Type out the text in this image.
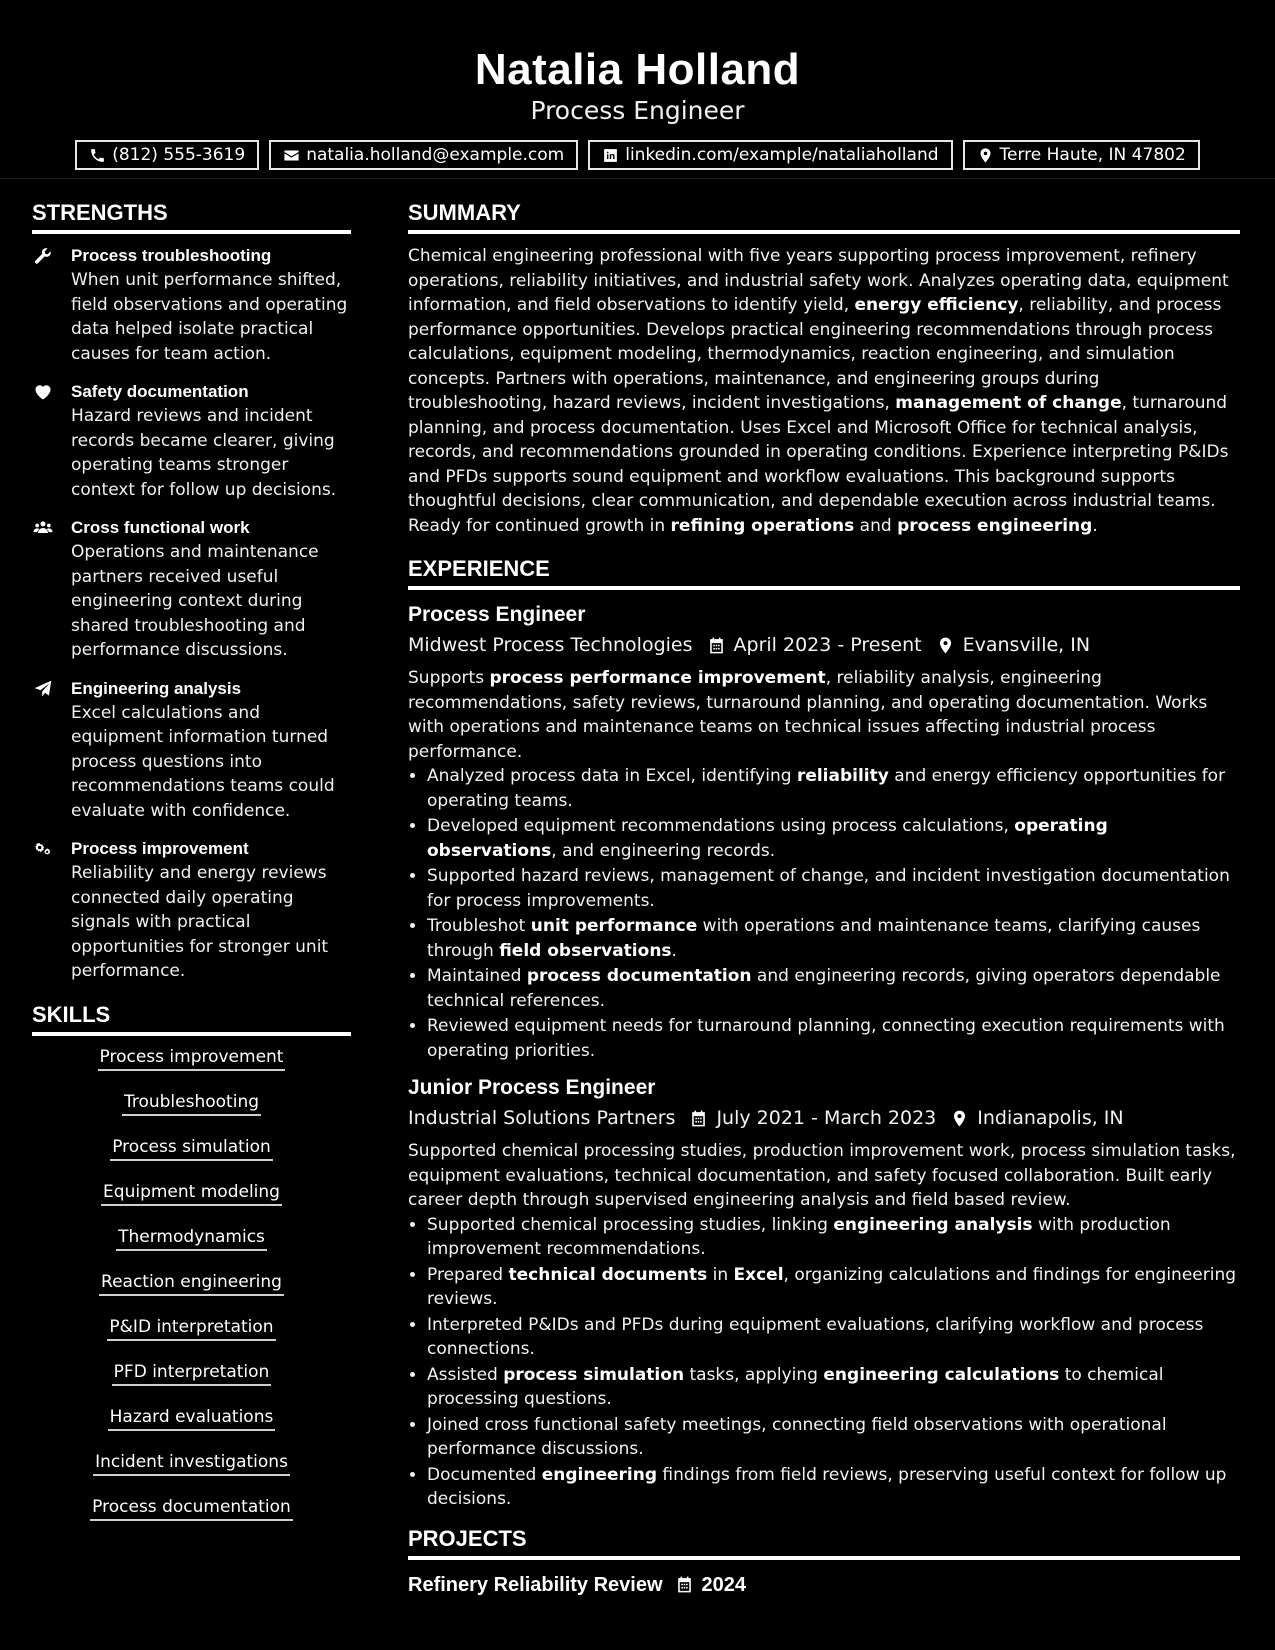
Natalia Holland
Process Engineer
(812) 555-3619	natalia.holland@example.com	linkedin.com/example/nataliaholland	Terre Haute, IN 47802
STRENGTHS
Process troubleshooting
When unit performance shifted, field observations and operating data helped isolate practical causes for team action.
Safety documentation
Hazard reviews and incident records became clearer, giving operating teams stronger context for follow up decisions.
Cross functional work
Operations and maintenance partners received useful engineering context during shared troubleshooting and performance discussions.
Engineering analysis
Excel calculations and equipment information turned process questions into recommendations teams could evaluate with confidence.
Process improvement
Reliability and energy reviews connected daily operating signals with practical opportunities for stronger unit performance.
SKILLS
Process improvement
Troubleshooting
Process simulation
Equipment modeling
Thermodynamics
Reaction engineering
P&ID interpretation
PFD interpretation
Hazard evaluations
Incident investigations
Process documentation
SUMMARY
Chemical engineering professional with five years supporting process improvement, refinery operations, reliability initiatives, and industrial safety work. Analyzes operating data, equipment information, and field observations to identify yield, energy efficiency, reliability, and process performance opportunities. Develops practical engineering recommendations through process calculations, equipment modeling, thermodynamics, reaction engineering, and simulation concepts. Partners with operations, maintenance, and engineering groups during troubleshooting, hazard reviews, incident investigations, management of change, turnaround planning, and process documentation. Uses Excel and Microsoft Office for technical analysis, records, and recommendations grounded in operating conditions. Experience interpreting P&IDs and PFDs supports sound equipment and workflow evaluations. This background supports thoughtful decisions, clear communication, and dependable execution across industrial teams. Ready for continued growth in refining operations and process engineering.
EXPERIENCE
Process Engineer
Midwest Process Technologies April 2023 - Present Evansville, IN
Supports process performance improvement, reliability analysis, engineering recommendations, safety reviews, turnaround planning, and operating documentation. Works with operations and maintenance teams on technical issues affecting industrial process performance.
• Analyzed process data in Excel, identifying reliability and energy efficiency opportunities for operating teams.
• Developed equipment recommendations using process calculations, operating observations, and engineering records.
• Supported hazard reviews, management of change, and incident investigation documentation for process improvements.
• Troubleshot unit performance with operations and maintenance teams, clarifying causes through field observations.
• Maintained process documentation and engineering records, giving operators dependable technical references.
• Reviewed equipment needs for turnaround planning, connecting execution requirements with operating priorities.
Junior Process Engineer
Industrial Solutions Partners July 2021 - March 2023 Indianapolis, IN
Supported chemical processing studies, production improvement work, process simulation tasks, equipment evaluations, technical documentation, and safety focused collaboration. Built early career depth through supervised engineering analysis and field based review.
• Supported chemical processing studies, linking engineering analysis with production improvement recommendations.
• Prepared technical documents in Excel, organizing calculations and findings for engineering reviews.
• Interpreted P&IDs and PFDs during equipment evaluations, clarifying workflow and process connections.
• Assisted process simulation tasks, applying engineering calculations to chemical processing questions.
• Joined cross functional safety meetings, connecting field observations with operational performance discussions.
• Documented engineering findings from field reviews, preserving useful context for follow up decisions.
PROJECTS
Refinery Reliability Review 2024
